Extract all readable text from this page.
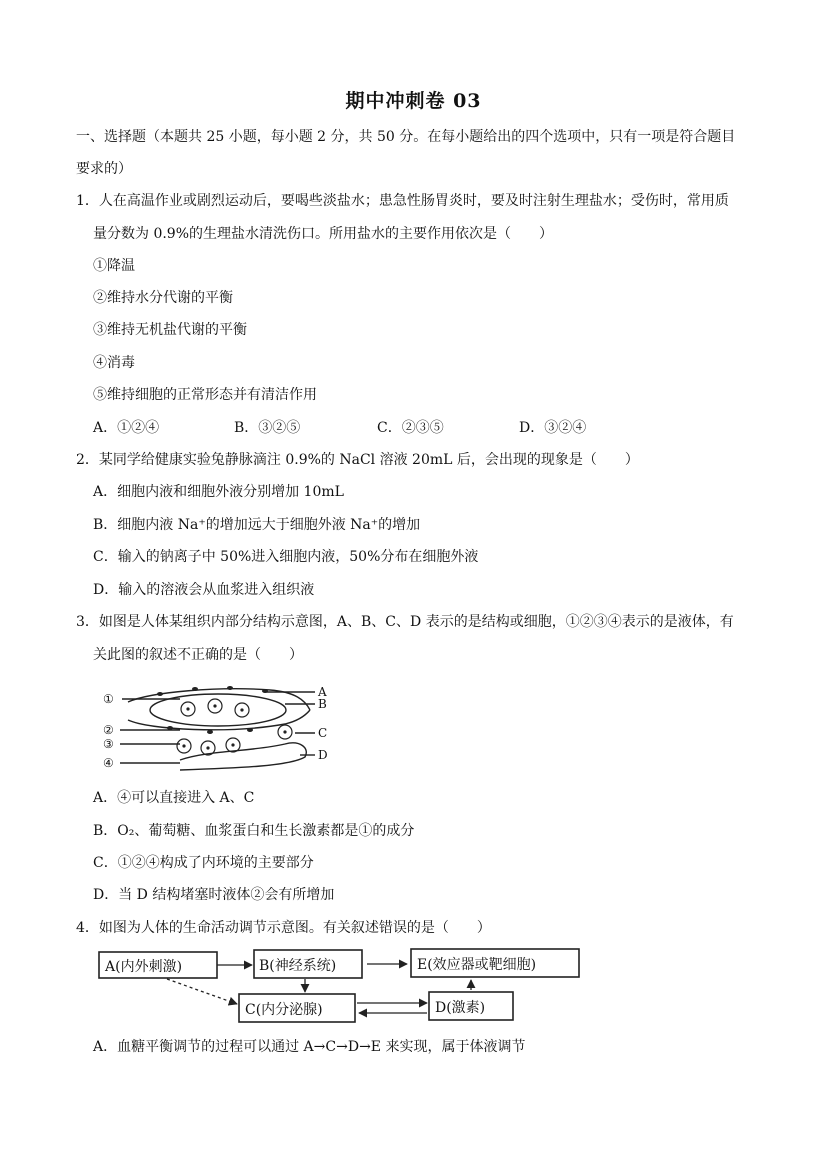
期中冲刺卷 03
一、选择题（本题共 25 小题，每小题 2 分，共 50 分。在每小题给出的四个选项中，只有一项是符合题目
要求的）
1．人在高温作业或剧烈运动后，要喝些淡盐水；患急性肠胃炎时，要及时注射生理盐水；受伤时，常用质
量分数为 0.9%的生理盐水清洗伤口。所用盐水的主要作用依次是（　　）
①降温
②维持水分代谢的平衡
③维持无机盐代谢的平衡
④消毒
⑤维持细胞的正常形态并有清洁作用
A．①②④	B．③②⑤	C．②③⑤	D．③②④
2．某同学给健康实验兔静脉滴注 0.9%的 NaCl 溶液 20mL 后，会出现的现象是（　　）
A．细胞内液和细胞外液分别增加 10mL
B．细胞内液 Na⁺的增加远大于细胞外液 Na⁺的增加
C．输入的钠离子中 50%进入细胞内液，50%分布在细胞外液
D．输入的溶液会从血浆进入组织液
3．如图是人体某组织内部分结构示意图，A、B、C、D 表示的是结构或细胞，①②③④表示的是液体，有
关此图的叙述不正确的是（　　）
①
②
③
④
A
B
C
D
A．④可以直接进入 A、C
B．O₂、葡萄糖、血浆蛋白和生长激素都是①的成分
C．①②④构成了内环境的主要部分
D．当 D 结构堵塞时液体②会有所增加
4．如图为人体的生命活动调节示意图。有关叙述错误的是（　　）
A(内外刺激)	B(神经系统)	E(效应器或靶细胞)
C(内分泌腺)	D(激素)
A．血糖平衡调节的过程可以通过 A→C→D→E 来实现，属于体液调节
